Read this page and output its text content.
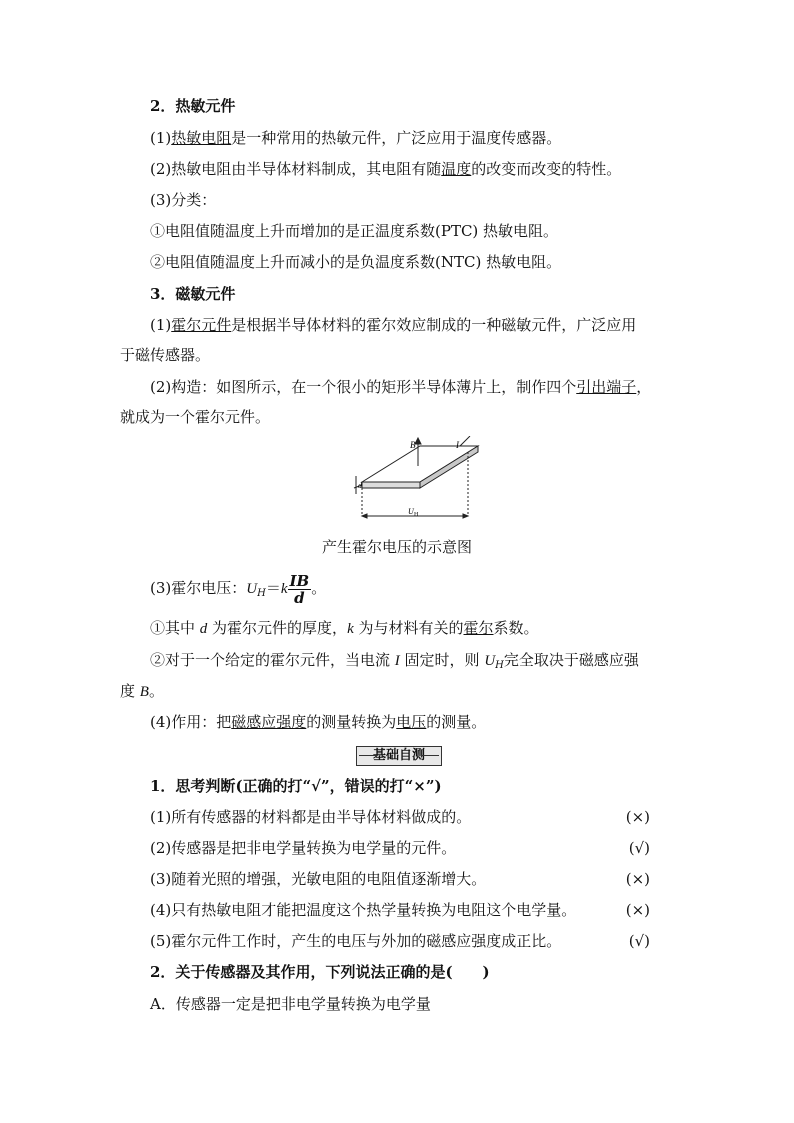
2．热敏元件
(1)热敏电阻是一种常用的热敏元件，广泛应用于温度传感器。
(2)热敏电阻由半导体材料制成，其电阻有随温度的改变而改变的特性。
(3)分类：
①电阻值随温度上升而增加的是正温度系数(PTC) 热敏电阻。
②电阻值随温度上升而减小的是负温度系数(NTC) 热敏电阻。
3．磁敏元件
(1)霍尔元件是根据半导体材料的霍尔效应制成的一种磁敏元件，广泛应用
于磁传感器。
(2)构造：如图所示，在一个很小的矩形半导体薄片上，制作四个引出端子，
就成为一个霍尔元件。
B	I
d
U H
产生霍尔电压的示意图
(3)霍尔电压：$U_H=k \frac{IB}{d}$ 。
①其中 d 为霍尔元件的厚度，k 为与材料有关的霍尔系数。
②对于一个给定的霍尔元件，当电流 I 固定时，则 $U_H$完全取决于磁感应强
度 B。
(4)作用：把磁感应强度的测量转换为电压的测量。
基础自测
1．思考判断(正确的打“√”，错误的打“×”)
(1)所有传感器的材料都是由半导体材料做成的。	(×)
(2)传感器是把非电学量转换为电学量的元件。	(√)
(3)随着光照的增强，光敏电阻的电阻值逐渐增大。	(×)
(4)只有热敏电阻才能把温度这个热学量转换为电阻这个电学量。	(×)
(5)霍尔元件工作时，产生的电压与外加的磁感应强度成正比。	(√)
2．关于传感器及其作用，下列说法正确的是(　　)
A．传感器一定是把非电学量转换为电学量
